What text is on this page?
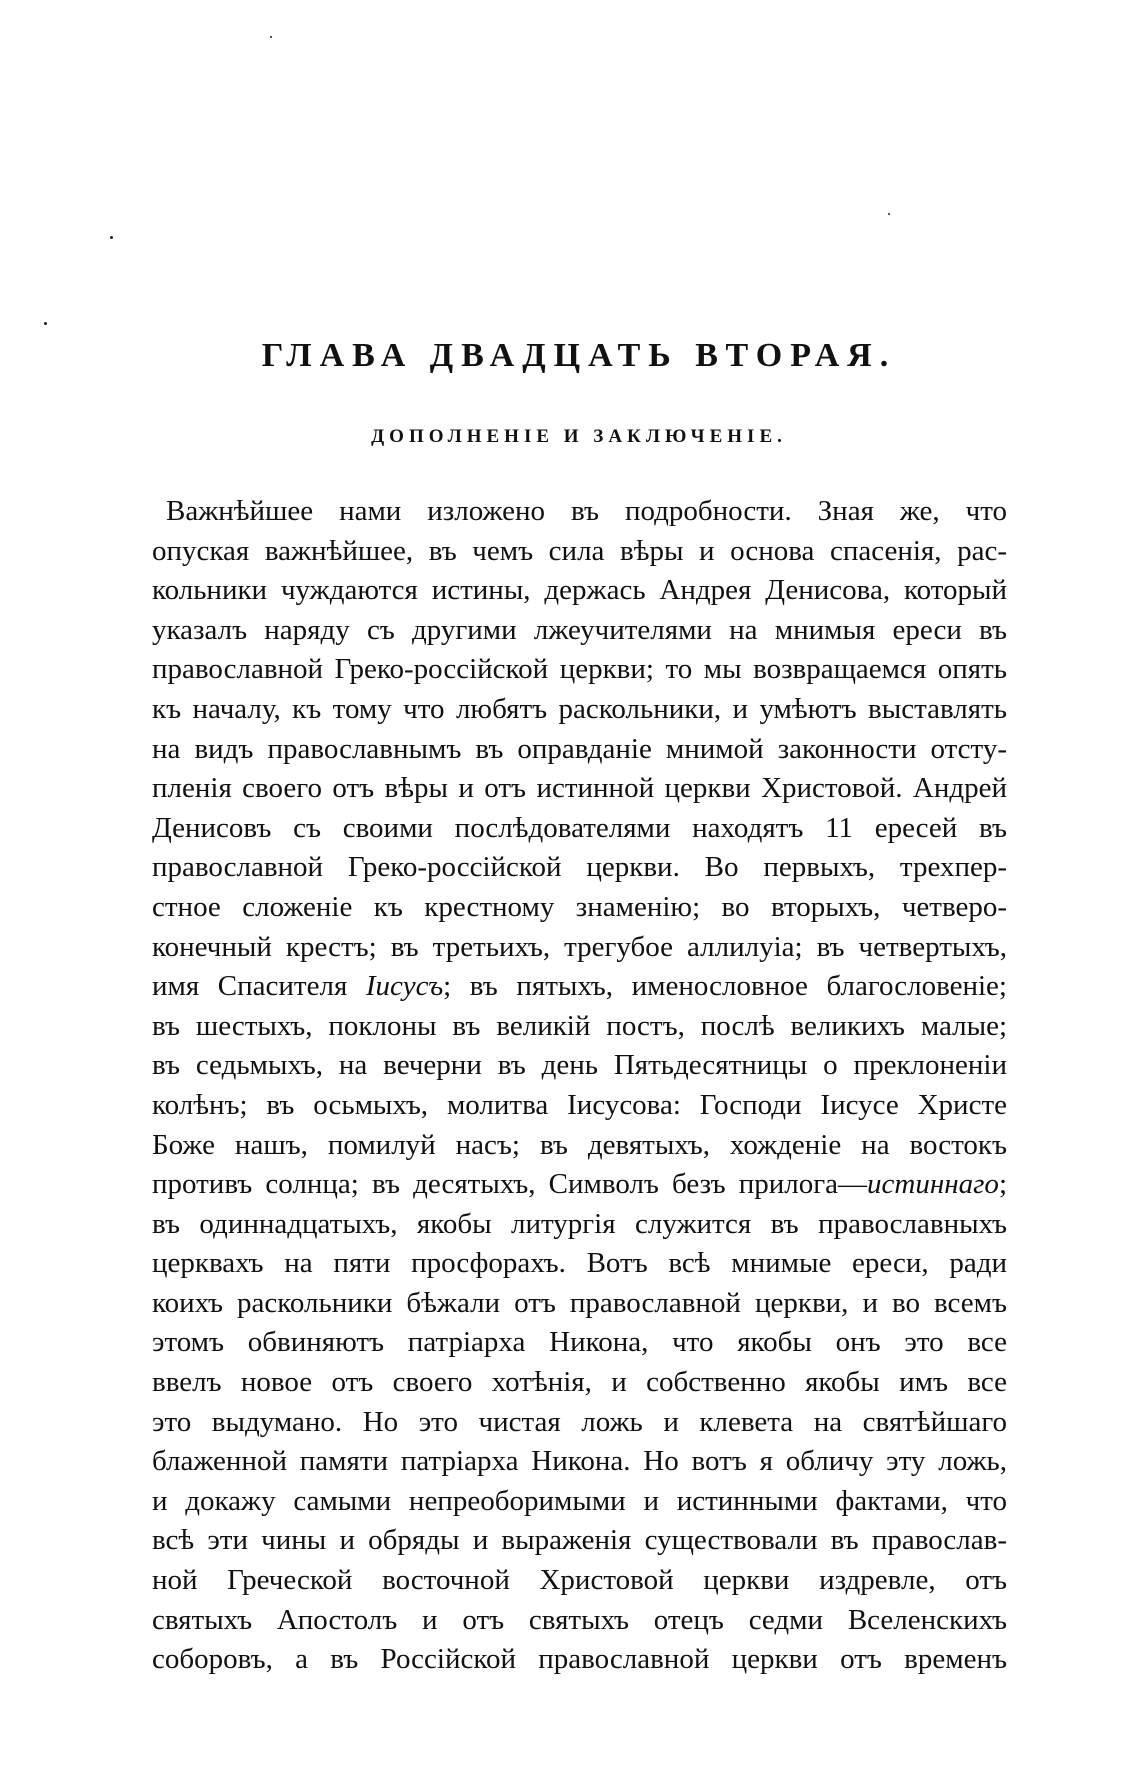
ГЛАВА ДВАДЦАТЬ ВТОРАЯ.
ДОПОЛНЕНІЕ И ЗАКЛЮЧЕНІЕ.
Важнѣйшее нами изложено въ подробности. Зная же, что
опуская важнѣйшее, въ чемъ сила вѣры и основа спасенія, рас-
кольники чуждаются истины, держась Андрея Денисова, который
указалъ наряду съ другими лжеучителями на мнимыя ереси въ
православной Греко-россійской церкви; то мы возвращаемся опять
къ началу, къ тому что любятъ раскольники, и умѣютъ выставлять
на видъ православнымъ въ оправданіе мнимой законности отсту-
пленія своего отъ вѣры и отъ истинной церкви Христовой. Андрей
Денисовъ съ своими послѣдователями находятъ 11 ересей въ
православной Греко-россійской церкви. Во первыхъ, трехпер-
стное сложеніе къ крестному знаменію; во вторыхъ, четверо-
конечный крестъ; въ третьихъ, трегубое аллилуіа; въ четвертыхъ,
имя Спасителя Іисусъ; въ пятыхъ, именословное благословеніе;
въ шестыхъ, поклоны въ великій постъ, послѣ великихъ малые;
въ седьмыхъ, на вечерни въ день Пятьдесятницы о преклоненіи
колѣнъ; въ осьмыхъ, молитва Іисусова: Господи Іисусе Христе
Боже нашъ, помилуй насъ; въ девятыхъ, хожденіе на востокъ
противъ солнца; въ десятыхъ, Символъ безъ прилога—истиннаго;
въ одиннадцатыхъ, якобы литургія служится въ православныхъ
церквахъ на пяти просфорахъ. Вотъ всѣ мнимые ереси, ради
коихъ раскольники бѣжали отъ православной церкви, и во всемъ
этомъ обвиняютъ патріарха Никона, что якобы онъ это все
ввелъ новое отъ своего хотѣнія, и собственно якобы имъ все
это выдумано. Но это чистая ложь и клевета на святѣйшаго
блаженной памяти патріарха Никона. Но вотъ я обличу эту ложь,
и докажу самыми непреоборимыми и истинными фактами, что
всѣ эти чины и обряды и выраженія существовали въ православ-
ной Греческой восточной Христовой церкви издревле, отъ
святыхъ Апостолъ и отъ святыхъ отецъ седми Вселенскихъ
соборовъ, а въ Россійской православной церкви отъ временъ
